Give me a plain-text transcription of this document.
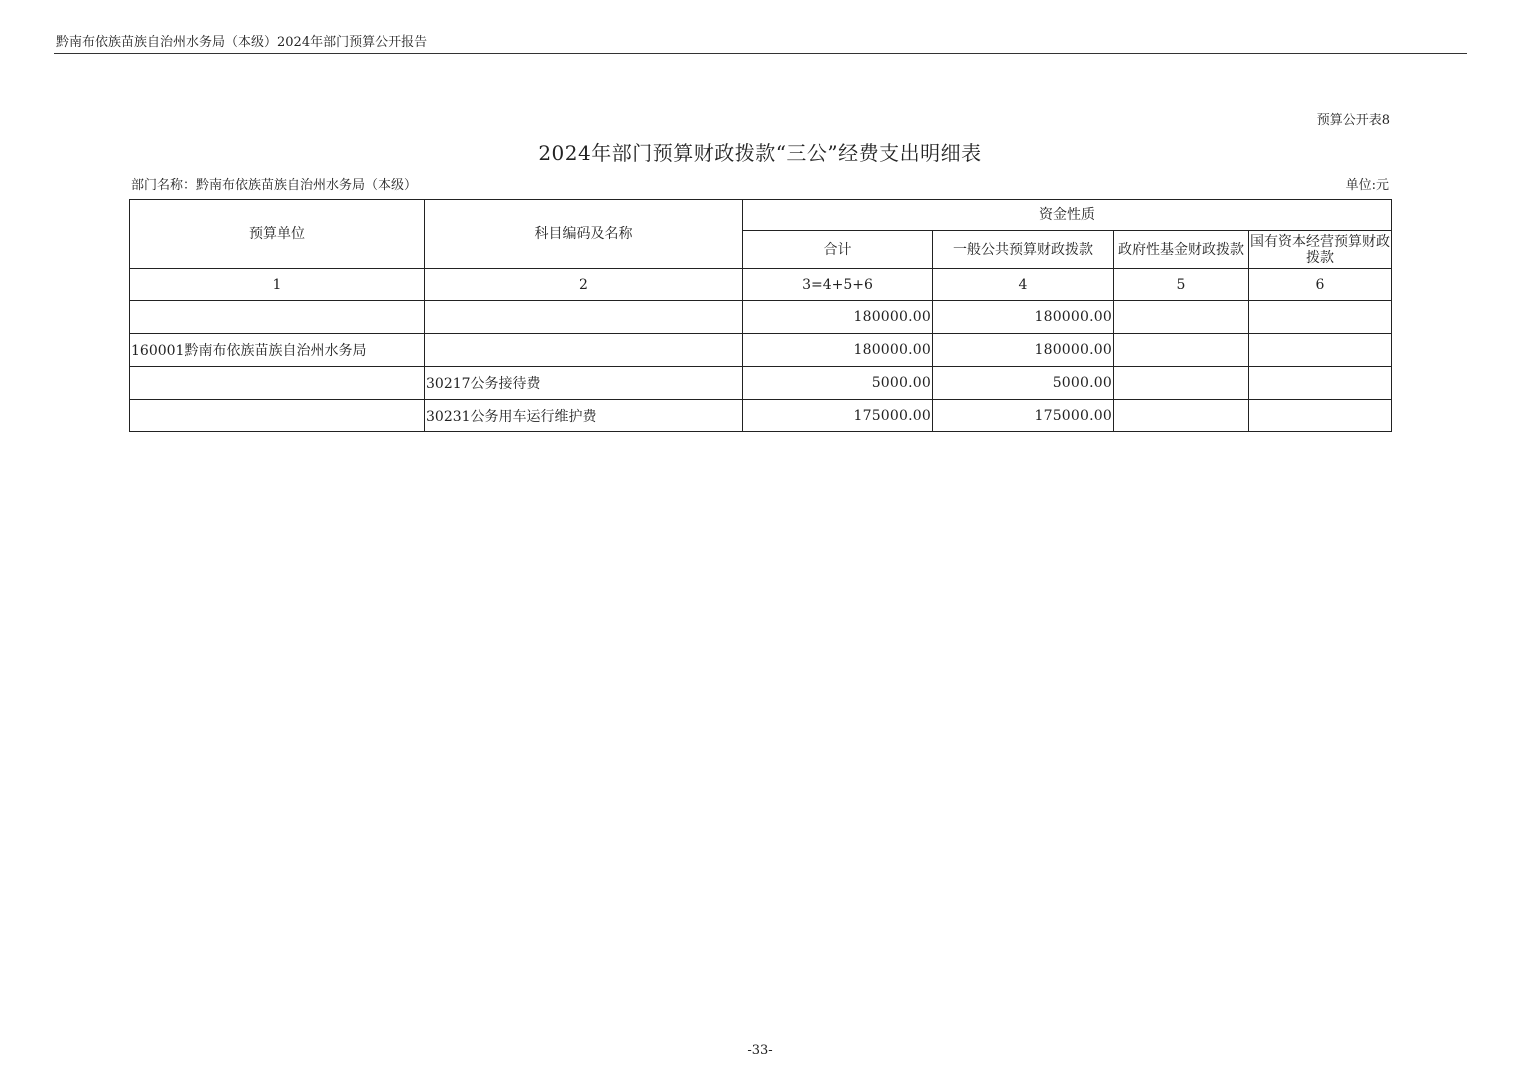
黔南布依族苗族自治州水务局（本级）2024年部门预算公开报告
预算公开表8
2024年部门预算财政拨款“三公”经费支出明细表
部门名称：黔南布依族苗族自治州水务局（本级）	单位:元
预算单位	科目编码及名称	资金性质			
		合计	一般公共预算财政拨款	政府性基金财政拨款	国有资本经营预算财政拨款
1	2	3=4+5+6	4	5	6
		180000.00	180000.00		
160001黔南布依族苗族自治州水务局		180000.00	180000.00		
	30217公务接待费	5000.00	5000.00		
	30231公务用车运行维护费	175000.00	175000.00		
-33-
